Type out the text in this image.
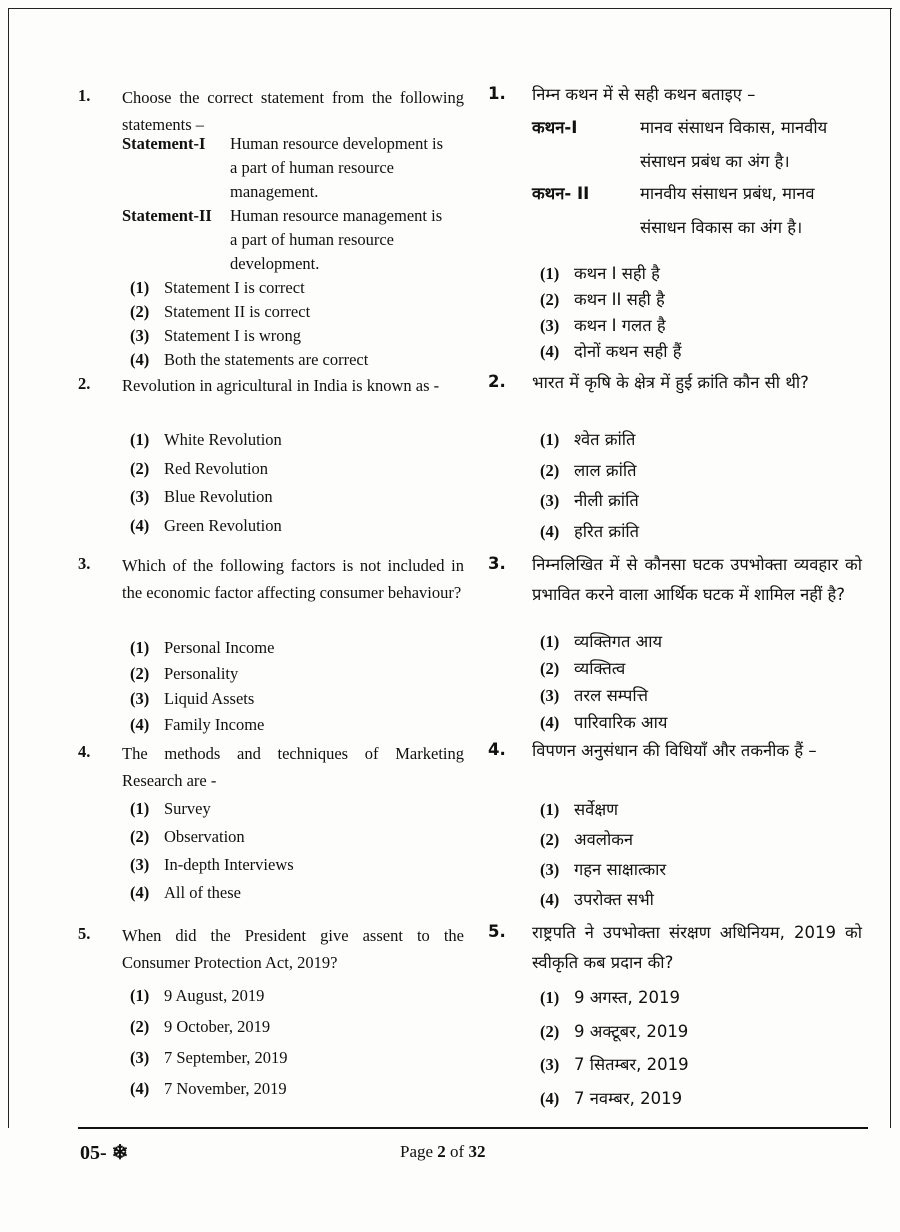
1. Choose the correct statement from the following statements –
Statement-I Human resource development is
a part of human resource
management.
Statement-II Human resource management is
a part of human resource
development.
(1) Statement I is correct
(2) Statement II is correct
(3) Statement I is wrong
(4) Both the statements are correct
2. Revolution in agricultural in India is known as -
(1) White Revolution
(2) Red Revolution
(3) Blue Revolution
(4) Green Revolution
3. Which of the following factors is not included in the economic factor affecting consumer behaviour?
(1) Personal Income
(2) Personality
(3) Liquid Assets
(4) Family Income
4. The methods and techniques of Marketing Research are -
(1) Survey
(2) Observation
(3) In-depth Interviews
(4) All of these
5. When did the President give assent to the Consumer Protection Act, 2019?
(1) 9 August, 2019
(2) 9 October, 2019
(3) 7 September, 2019
(4) 7 November, 2019
1. निम्न कथन में से सही कथन बताइए –
कथन-I	मानव संसाधन विकास, मानवीय
संसाधन प्रबंध का अंग है।
कथन- II	मानवीय संसाधन प्रबंध, मानव
संसाधन विकास का अंग है।
(1) कथन I सही है
(2) कथन II सही है
(3) कथन I गलत है
(4) दोनों कथन सही हैं
2. भारत में कृषि के क्षेत्र में हुई क्रांति कौन सी थी?
(1) श्वेत क्रांति
(2) लाल क्रांति
(3) नीली क्रांति
(4) हरित क्रांति
3. निम्नलिखित में से कौनसा घटक उपभोक्ता व्यवहार को प्रभावित करने वाला आर्थिक घटक में शामिल नहीं है?
(1) व्यक्तिगत आय
(2) व्यक्तित्व
(3) तरल सम्पत्ति
(4) पारिवारिक आय
4. विपणन अनुसंधान की विधियाँ और तकनीक हैं –
(1) सर्वेक्षण
(2) अवलोकन
(3) गहन साक्षात्कार
(4) उपरोक्त सभी
5. राष्ट्रपति ने उपभोक्ता संरक्षण अधिनियम, 2019 को स्वीकृति कब प्रदान की?
(1) 9 अगस्त, 2019
(2) 9 अक्टूबर, 2019
(3) 7 सितम्बर, 2019
(4) 7 नवम्बर, 2019
05- ❄	Page 2 of 32
